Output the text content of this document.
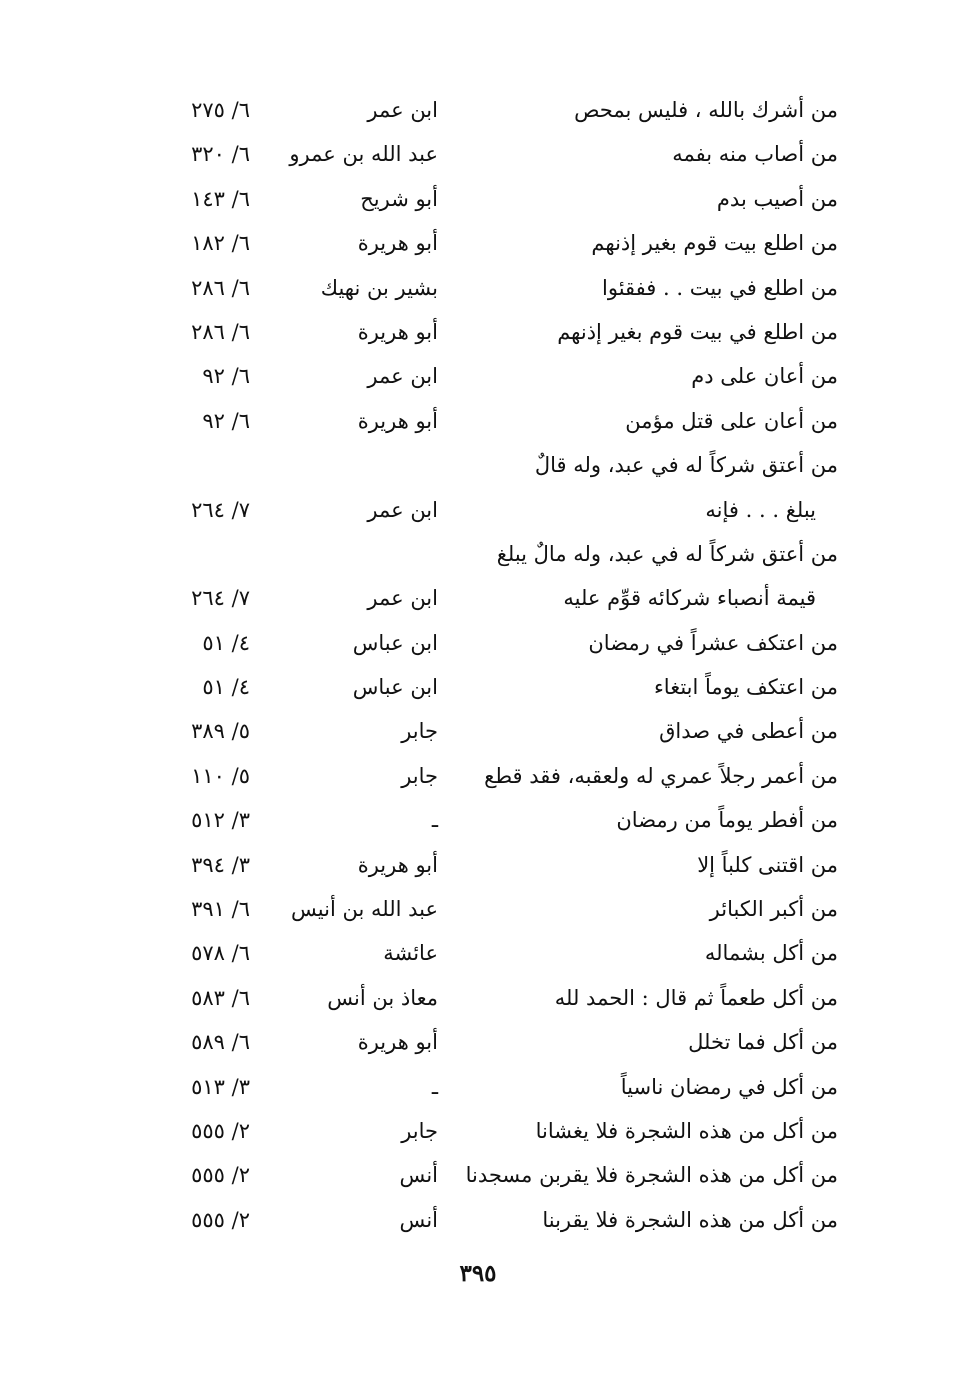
من أشرك بالله ، فليس بمحص
ابن عمر
٦/ ٢٧٥
من أصاب منه بفمه
عبد الله بن عمرو
٦/ ٣٢٠
من أصيب بدم
أبو شريح
٦/ ١٤٣
من اطلع بيت قوم بغير إذنهم
أبو هريرة
٦/ ١٨٢
من اطلع في بيت . . ففقئوا
بشير بن نهيك
٦/ ٢٨٦
من اطلع في بيت قوم بغير إذنهم
أبو هريرة
٦/ ٢٨٦
من أعان على دم
ابن عمر
٦/ ٩٢
من أعان على قتل مؤمن
أبو هريرة
٦/ ٩٢
من أعتق شركاً له في عبد، وله قالٌ
يبلغ . . . فإنه
ابن عمر
٧/ ٢٦٤
من أعتق شركاً له في عبد، وله مالٌ يبلغ
قيمة أنصباء شركائه قوِّم عليه
ابن عمر
٧/ ٢٦٤
من اعتكف عشراً في رمضان
ابن عباس
٤/ ٥١
من اعتكف يوماً ابتغاء
ابن عباس
٤/ ٥١
من أعطى في صداق
جابر
٥/ ٣٨٩
من أعمر رجلاً عمري له ولعقبه، فقد قطع
جابر
٥/ ١١٠
من أفطر يوماً من رمضان
ـ
٣/ ٥١٢
من اقتنى كلباً إلا
أبو هريرة
٣/ ٣٩٤
من أكبر الكبائر
عبد الله بن أنيس
٦/ ٣٩١
من أكل بشماله
عائشة
٦/ ٥٧٨
من أكل طعماً ثم قال : الحمد لله
معاذ بن أنس
٦/ ٥٨٣
من أكل فما تخلل
أبو هريرة
٦/ ٥٨٩
من أكل في رمضان ناسياً
ـ
٣/ ٥١٣
من أكل من هذه الشجرة فلا يغشانا
جابر
٢/ ٥٥٥
من أكل من هذه الشجرة فلا يقربن مسجدنا
أنس
٢/ ٥٥٥
من أكل من هذه الشجرة فلا يقربنا
أنس
٢/ ٥٥٥
٣٩٥
